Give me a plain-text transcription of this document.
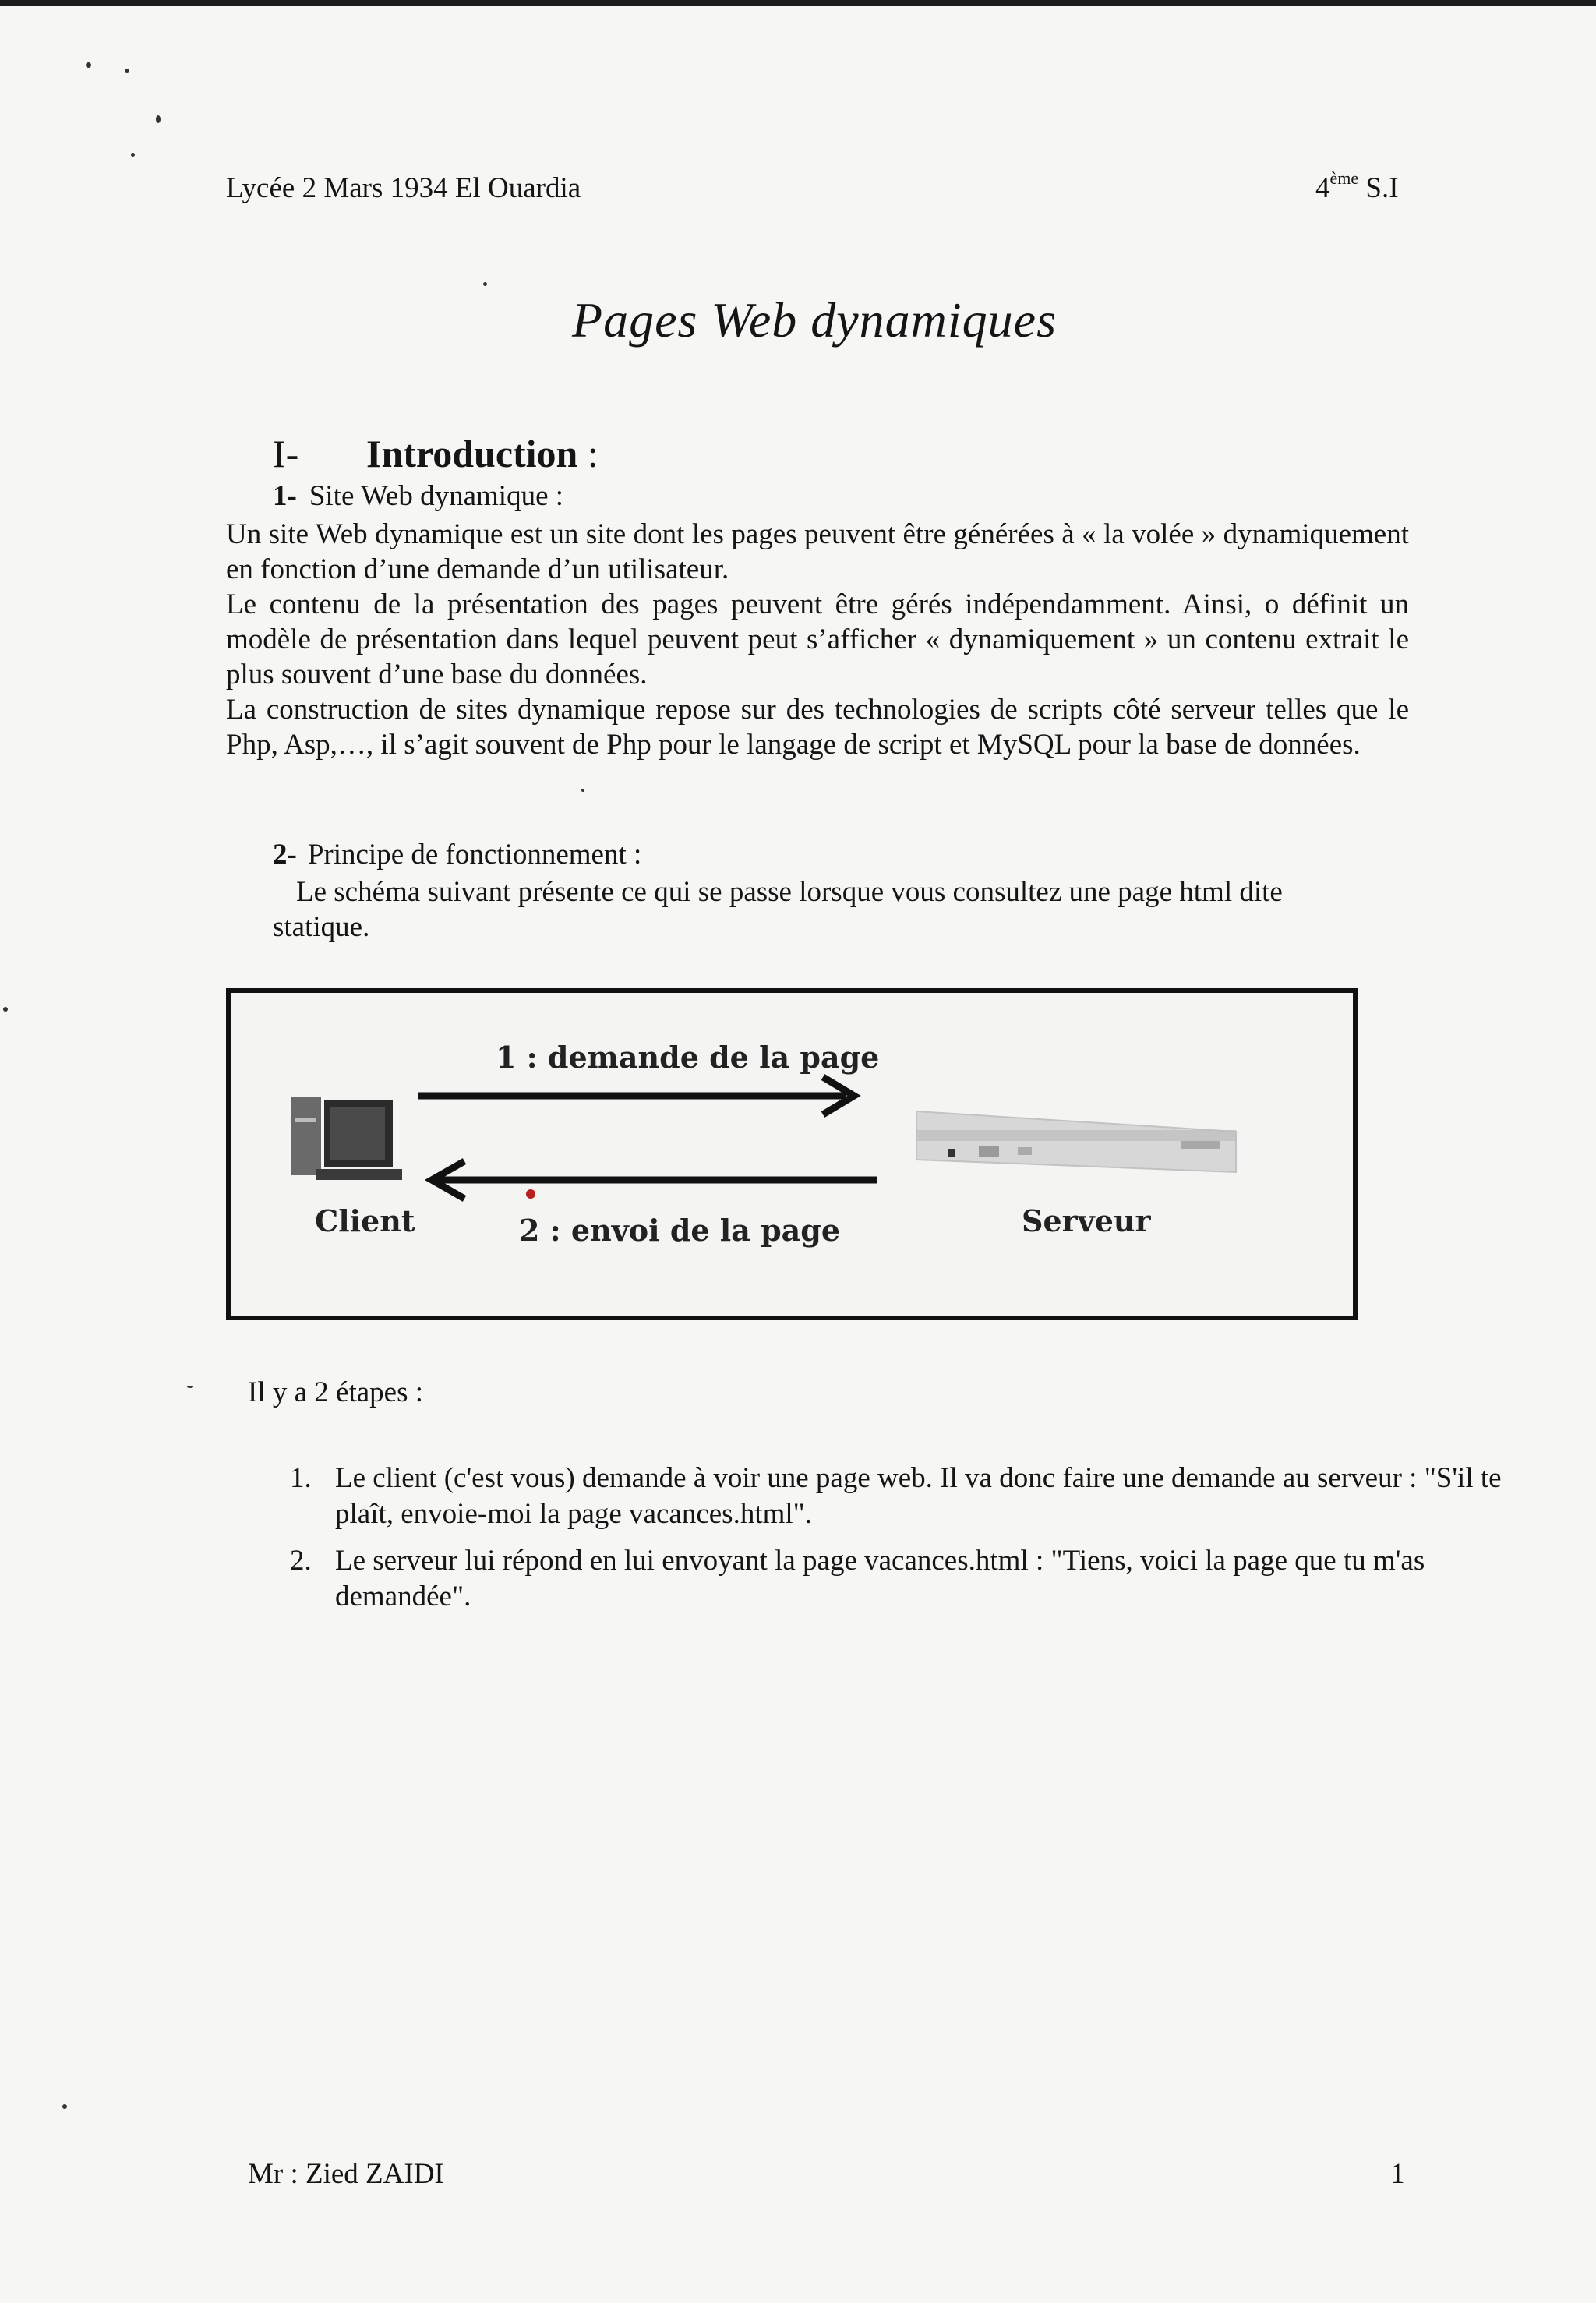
Lycée 2 Mars 1934 El Ouardia	4ème S.I
Pages Web dynamiques
I- Introduction :
1- Site Web dynamique :
Un site Web dynamique est un site dont les pages peuvent être générées à « la volée » dynamiquement en fonction d’une demande d’un utilisateur.
Le contenu de la présentation des pages peuvent être gérés indépendamment. Ainsi, o définit un modèle de présentation dans lequel peuvent peut s’afficher « dynamiquement » un contenu extrait le plus souvent d’une base du données.
La construction de sites dynamique repose sur des technologies de scripts côté serveur telles que le Php, Asp,…, il s’agit souvent de Php pour le langage de script et MySQL pour la base de données.
2- Principe de fonctionnement :
Le schéma suivant présente ce qui se passe lorsque vous consultez une page html dite statique.
1 : demande de la page
2 : envoi de la page
Client	Serveur
Il y a 2 étapes :
1. Le client (c'est vous) demande à voir une page web. Il va donc faire une demande au serveur : "S'il te plaît, envoie-moi la page vacances.html".
2. Le serveur lui répond en lui envoyant la page vacances.html : "Tiens, voici la page que tu m'as demandée".
Mr : Zied ZAIDI	1
